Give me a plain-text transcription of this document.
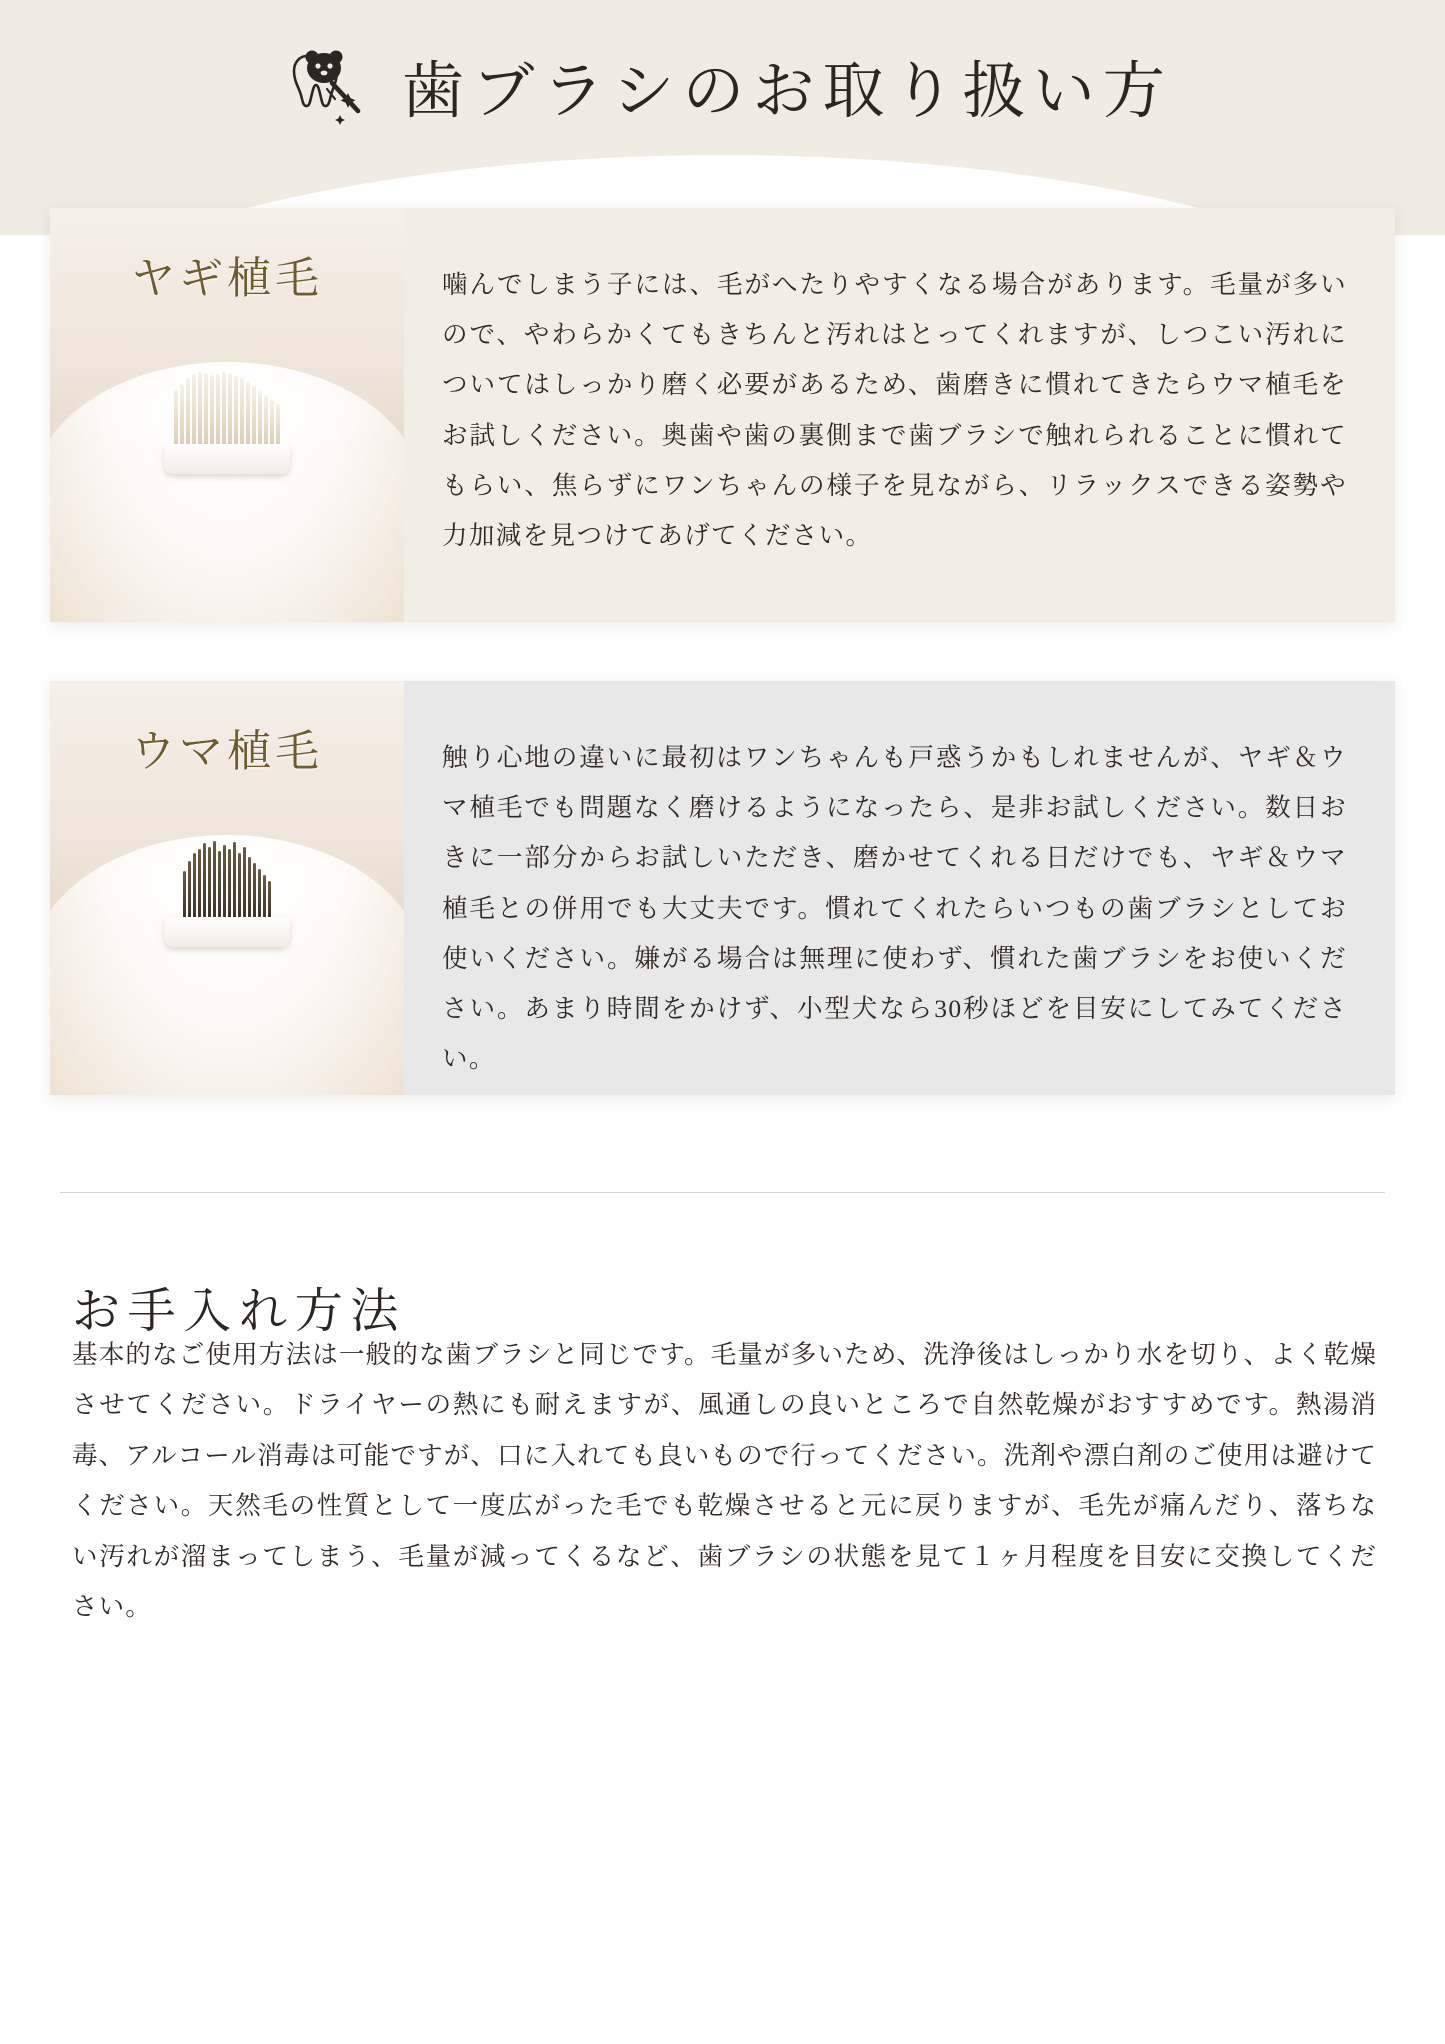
歯ブラシのお取り扱い方
ヤギ植毛	噛んでしまう子には、毛がへたりやすくなる場合があります。毛量が多いので、やわらかくてもきちんと汚れはとってくれますが、しつこい汚れについてはしっかり磨く必要があるため、歯磨きに慣れてきたらウマ植毛をお試しください。奥歯や歯の裏側まで歯ブラシで触れられることに慣れてもらい、焦らずにワンちゃんの様子を見ながら、リラックスできる姿勢や力加減を見つけてあげてください。

ウマ植毛	触り心地の違いに最初はワンちゃんも戸惑うかもしれませんが、ヤギ＆ウマ植毛でも問題なく磨けるようになったら、是非お試しください。数日おきに一部分からお試しいただき、磨かせてくれる日だけでも、ヤギ＆ウマ植毛との併用でも大丈夫です。慣れてくれたらいつもの歯ブラシとしてお使いください。嫌がる場合は無理に使わず、慣れた歯ブラシをお使いください。あまり時間をかけず、小型犬なら30秒ほどを目安にしてみてください。

お手入れ方法

基本的なご使用方法は一般的な歯ブラシと同じです。毛量が多いため、洗浄後はしっかり水を切り、よく乾燥させてください。ドライヤーの熱にも耐えますが、風通しの良いところで自然乾燥がおすすめです。熱湯消毒、アルコール消毒は可能ですが、口に入れても良いもので行ってください。洗剤や漂白剤のご使用は避けてください。天然毛の性質として一度広がった毛でも乾燥させると元に戻りますが、毛先が痛んだり、落ちない汚れが溜まってしまう、毛量が減ってくるなど、歯ブラシの状態を見て１ヶ月程度を目安に交換してください。
